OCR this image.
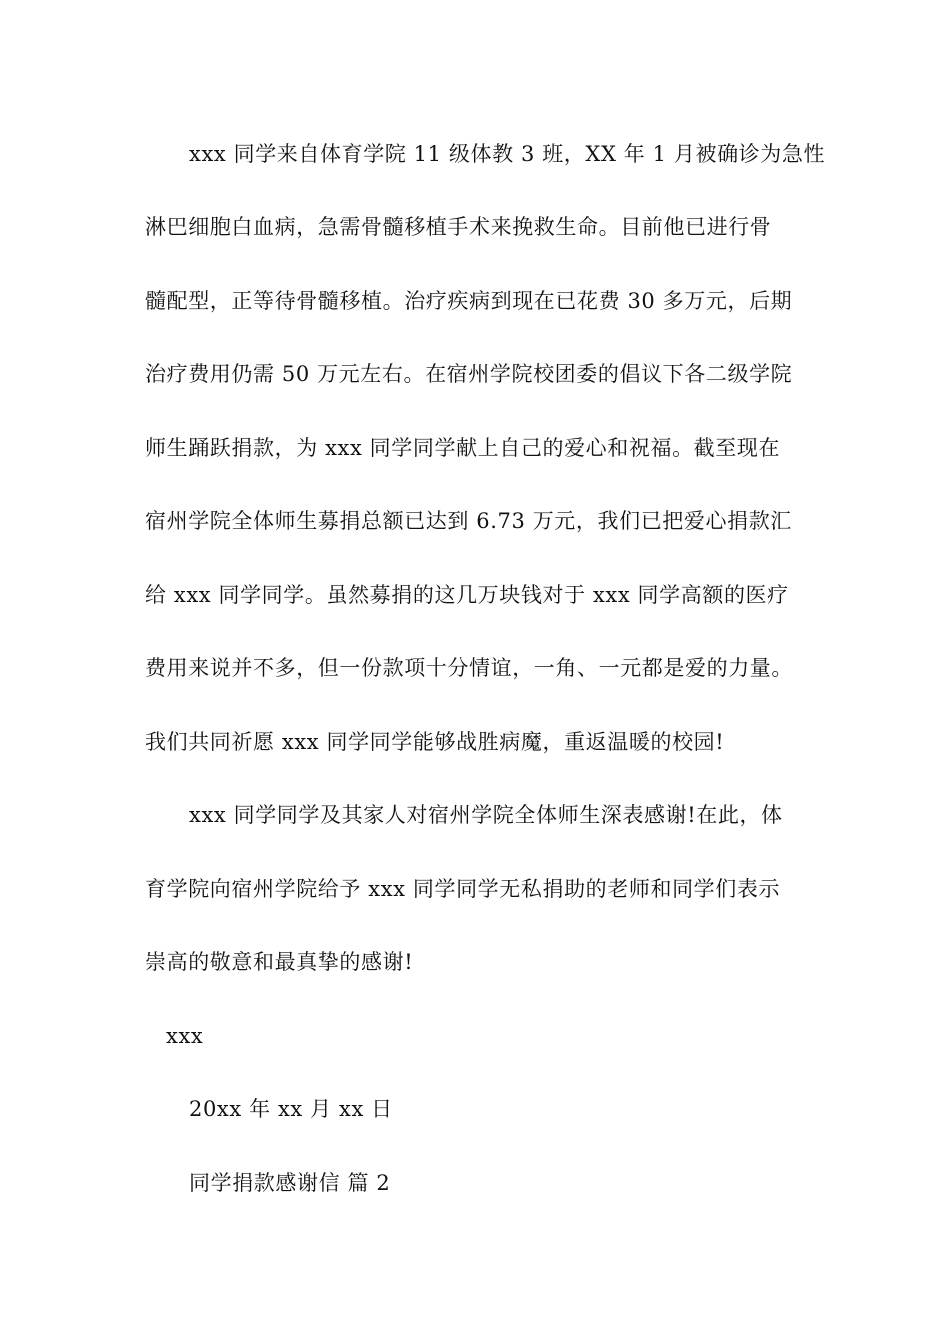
xxx 同学来自体育学院 11 级体教 3 班，XX 年 1 月被确诊为急性
淋巴细胞白血病，急需骨髓移植手术来挽救生命。目前他已进行骨
髓配型，正等待骨髓移植。治疗疾病到现在已花费 30 多万元，后期
治疗费用仍需 50 万元左右。在宿州学院校团委的倡议下各二级学院
师生踊跃捐款，为 xxx 同学同学献上自己的爱心和祝福。截至现在
宿州学院全体师生募捐总额已达到 6.73 万元，我们已把爱心捐款汇
给 xxx 同学同学。虽然募捐的这几万块钱对于 xxx 同学高额的医疗
费用来说并不多，但一份款项十分情谊，一角、一元都是爱的力量。
我们共同祈愿 xxx 同学同学能够战胜病魔，重返温暖的校园!
xxx 同学同学及其家人对宿州学院全体师生深表感谢!在此，体
育学院向宿州学院给予 xxx 同学同学无私捐助的老师和同学们表示
崇高的敬意和最真挚的感谢!
xxx
20xx 年 xx 月 xx 日
同学捐款感谢信 篇 2
